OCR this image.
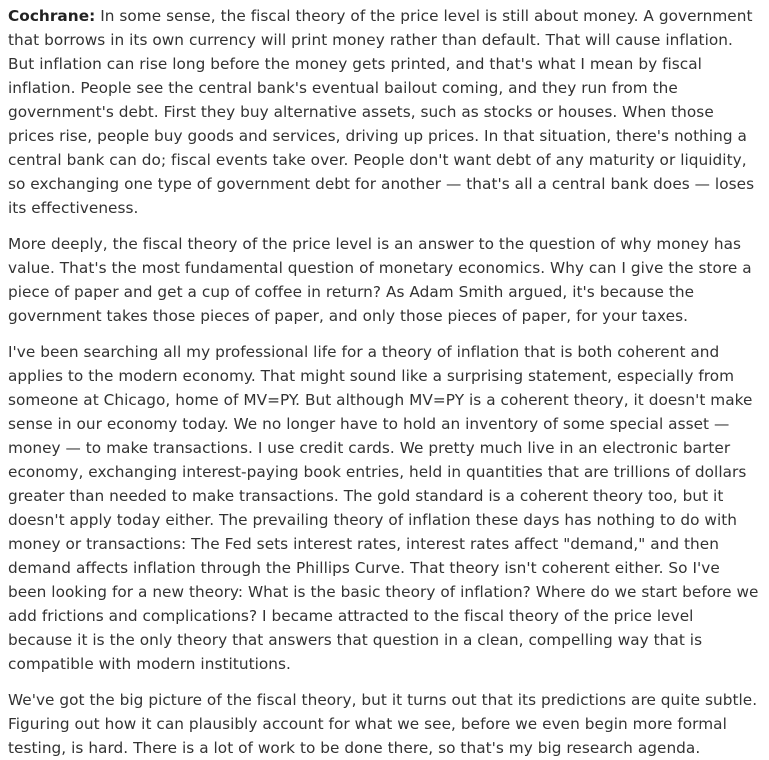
Cochrane: In some sense, the fiscal theory of the price level is still about money. A government that borrows in its own currency will print money rather than default. That will cause inflation. But inflation can rise long before the money gets printed, and that's what I mean by fiscal inflation. People see the central bank's eventual bailout coming, and they run from the government's debt. First they buy alternative assets, such as stocks or houses. When those prices rise, people buy goods and services, driving up prices. In that situation, there's nothing a central bank can do; fiscal events take over. People don't want debt of any maturity or liquidity, so exchanging one type of government debt for another — that's all a central bank does — loses its effectiveness.

More deeply, the fiscal theory of the price level is an answer to the question of why money has value. That's the most fundamental question of monetary economics. Why can I give the store a piece of paper and get a cup of coffee in return? As Adam Smith argued, it's because the government takes those pieces of paper, and only those pieces of paper, for your taxes.

I've been searching all my professional life for a theory of inflation that is both coherent and applies to the modern economy. That might sound like a surprising statement, especially from someone at Chicago, home of MV=PY. But although MV=PY is a coherent theory, it doesn't make sense in our economy today. We no longer have to hold an inventory of some special asset — money — to make transactions. I use credit cards. We pretty much live in an electronic barter economy, exchanging interest-paying book entries, held in quantities that are trillions of dollars greater than needed to make transactions. The gold standard is a coherent theory too, but it doesn't apply today either. The prevailing theory of inflation these days has nothing to do with money or transactions: The Fed sets interest rates, interest rates affect "demand," and then demand affects inflation through the Phillips Curve. That theory isn't coherent either. So I've been looking for a new theory: What is the basic theory of inflation? Where do we start before we add frictions and complications? I became attracted to the fiscal theory of the price level because it is the only theory that answers that question in a clean, compelling way that is compatible with modern institutions.

We've got the big picture of the fiscal theory, but it turns out that its predictions are quite subtle. Figuring out how it can plausibly account for what we see, before we even begin more formal testing, is hard. There is a lot of work to be done there, so that's my big research agenda.
